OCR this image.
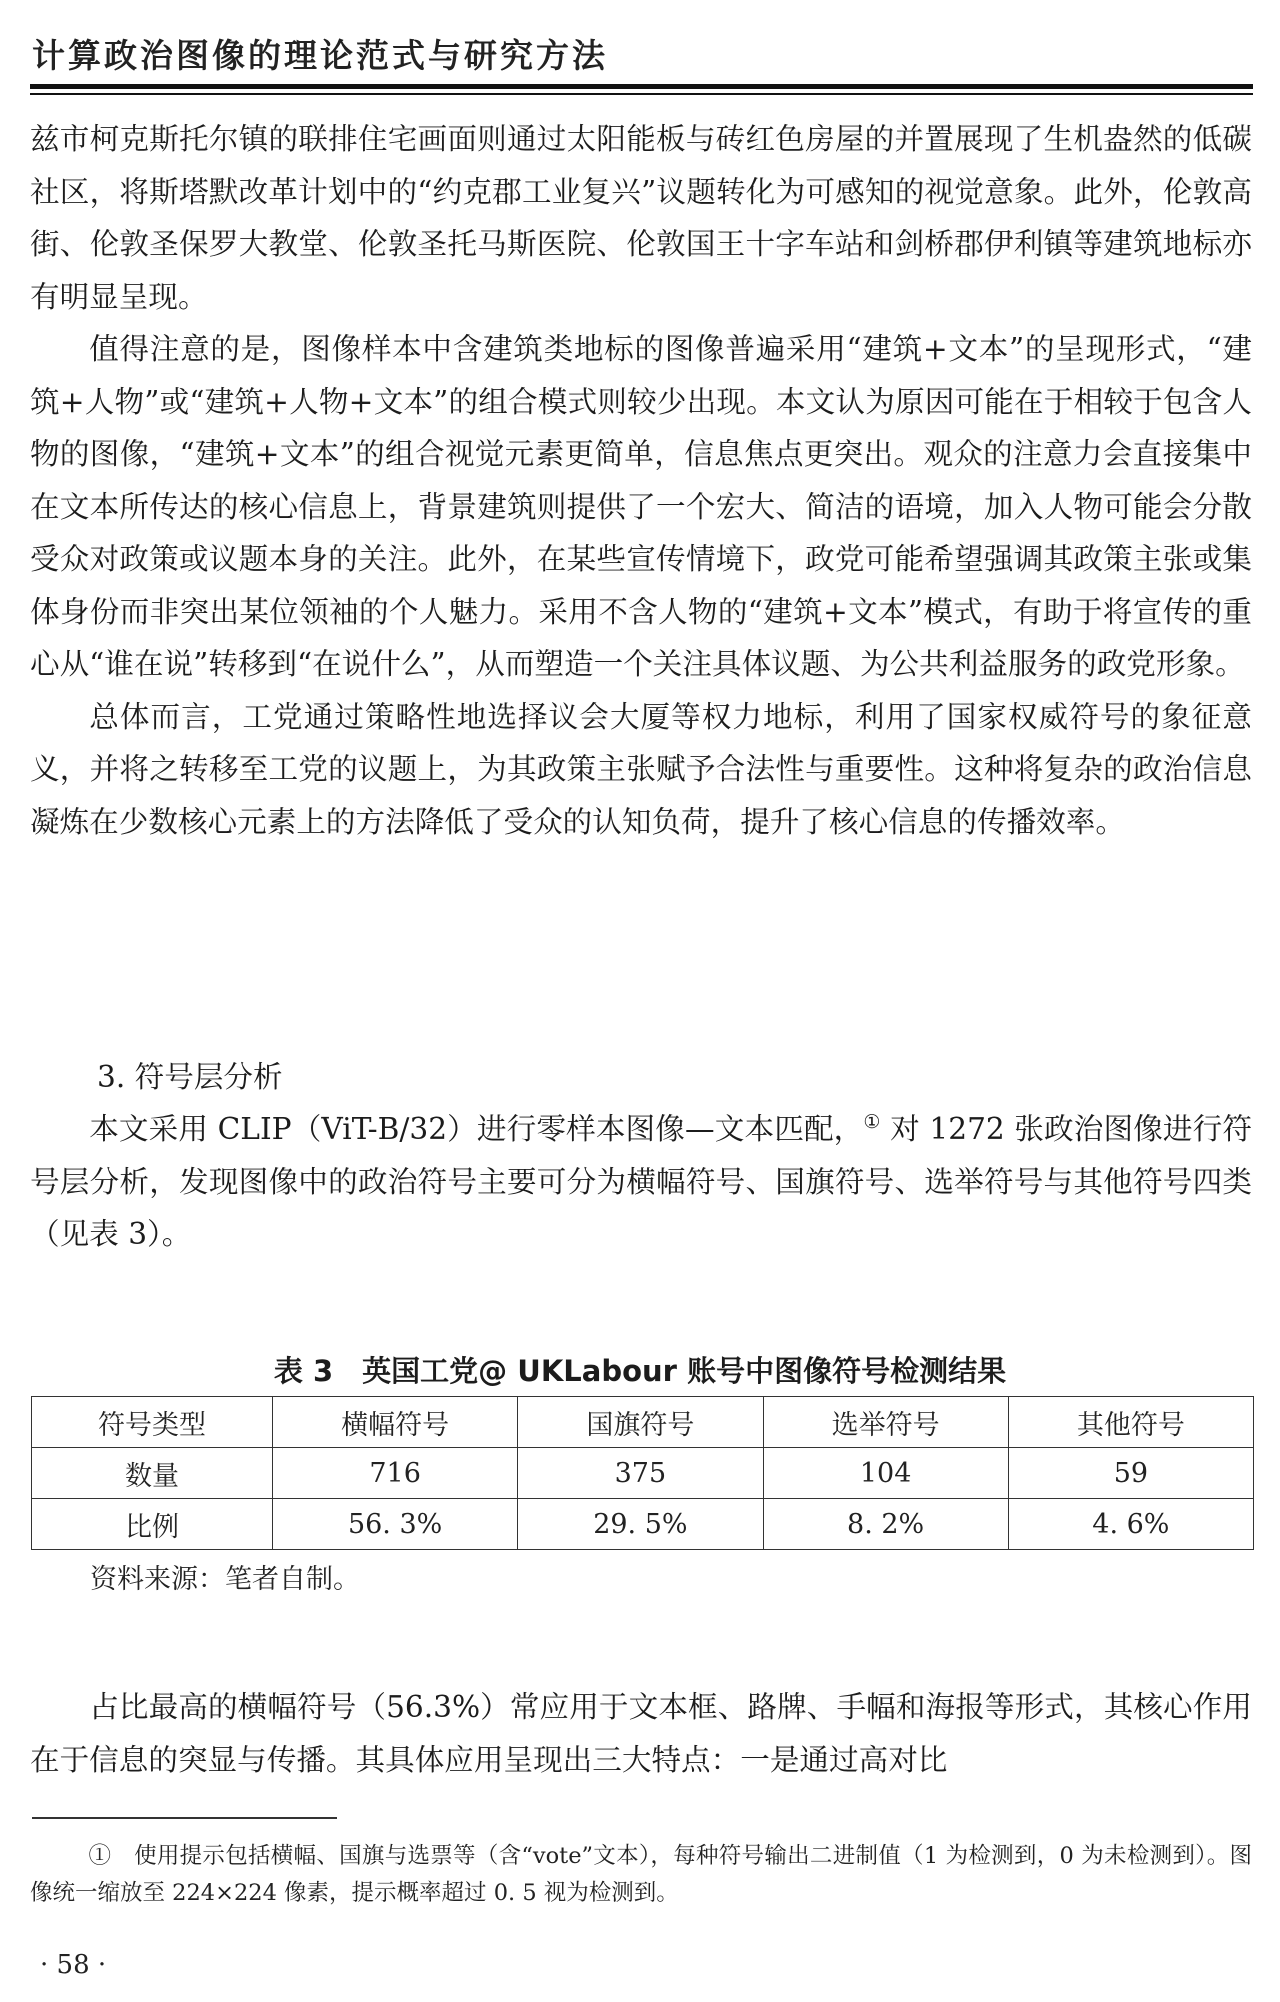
计算政治图像的理论范式与研究方法

兹市柯克斯托尔镇的联排住宅画面则通过太阳能板与砖红色房屋的并置展现了生机盎然的低碳社区，将斯塔默改革计划中的“约克郡工业复兴”议题转化为可感知的视觉意象。此外，伦敦高街、伦敦圣保罗大教堂、伦敦圣托马斯医院、伦敦国王十字车站和剑桥郡伊利镇等建筑地标亦有明显呈现。

值得注意的是，图像样本中含建筑类地标的图像普遍采用“建筑+文本”的呈现形式，“建筑+人物”或“建筑+人物+文本”的组合模式则较少出现。本文认为原因可能在于相较于包含人物的图像，“建筑+文本”的组合视觉元素更简单，信息焦点更突出。观众的注意力会直接集中在文本所传达的核心信息上，背景建筑则提供了一个宏大、简洁的语境，加入人物可能会分散受众对政策或议题本身的关注。此外，在某些宣传情境下，政党可能希望强调其政策主张或集体身份而非突出某位领袖的个人魅力。采用不含人物的“建筑+文本”模式，有助于将宣传的重心从“谁在说”转移到“在说什么”，从而塑造一个关注具体议题、为公共利益服务的政党形象。

总体而言，工党通过策略性地选择议会大厦等权力地标，利用了国家权威符号的象征意义，并将之转移至工党的议题上，为其政策主张赋予合法性与重要性。这种将复杂的政治信息凝炼在少数核心元素上的方法降低了受众的认知负荷，提升了核心信息的传播效率。

3. 符号层分析

本文采用 CLIP（ViT-B/32）进行零样本图像—文本匹配，① 对 1272 张政治图像进行符号层分析，发现图像中的政治符号主要可分为横幅符号、国旗符号、选举符号与其他符号四类（见表 3）。

表 3　英国工党@ UKLabour 账号中图像符号检测结果
符号类型	横幅符号	国旗符号	选举符号	其他符号
数量	716	375	104	59
比例	56. 3%	29. 5%	8. 2%	4. 6%
资料来源：笔者自制。

占比最高的横幅符号（56.3%）常应用于文本框、路牌、手幅和海报等形式，其核心作用在于信息的突显与传播。其具体应用呈现出三大特点：一是通过高对比

①　使用提示包括横幅、国旗与选票等（含“vote”文本），每种符号输出二进制值（1 为检测到，0 为未检测到）。图像统一缩放至 224×224 像素，提示概率超过 0. 5 视为检测到。
· 58 ·
